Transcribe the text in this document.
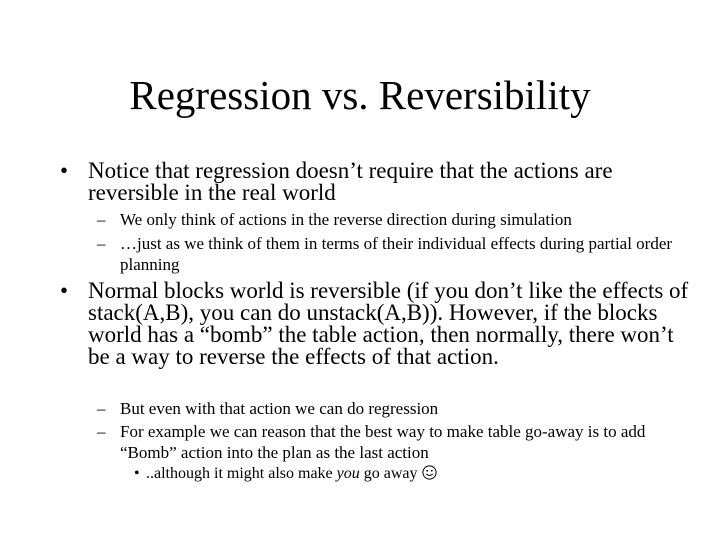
Regression vs. Reversibility
• Notice that regression doesn’t require that the actions are reversible in the real world
– We only think of actions in the reverse direction during simulation
– …just as we think of them in terms of their individual effects during partial order planning
• Normal blocks world is reversible (if you don’t like the effects of stack(A,B), you can do unstack(A,B)). However, if the blocks world has a “bomb” the table action, then normally, there won’t be a way to reverse the effects of that action.
– But even with that action we can do regression
– For example we can reason that the best way to make table go-away is to add “Bomb” action into the plan as the last action
• ..although it might also make you go away
